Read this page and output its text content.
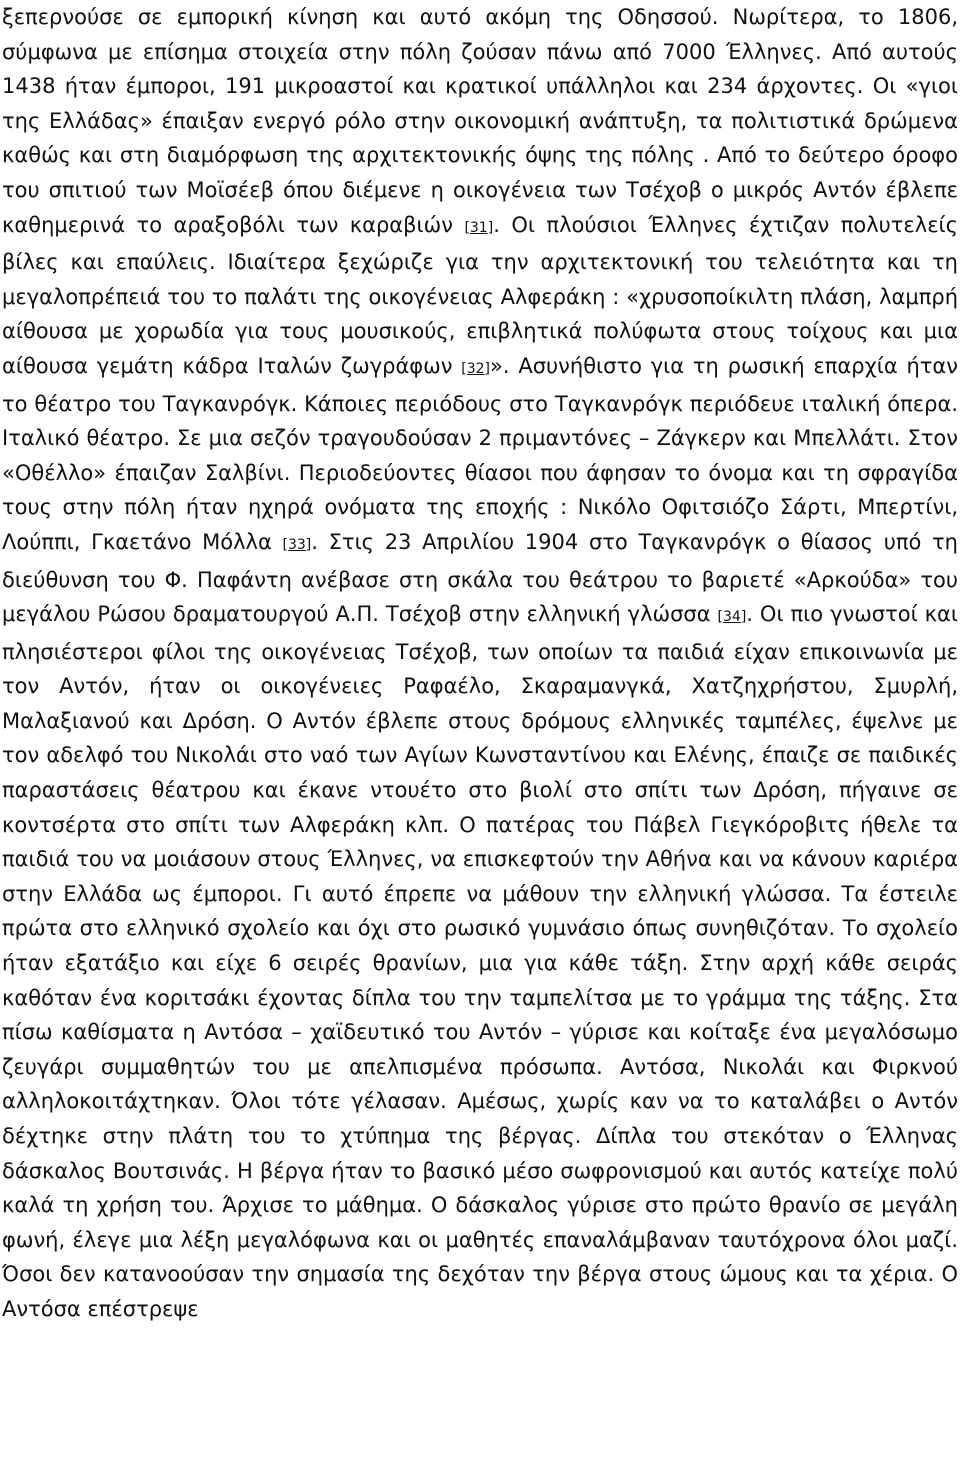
ξεπερνούσε σε εμπορική κίνηση και αυτό ακόμη της Οδησσού. Νωρίτερα, το 1806, σύμφωνα με επίσημα στοιχεία στην πόλη ζούσαν πάνω από 7000 Έλληνες. Από αυτούς 1438 ήταν έμποροι, 191 μικροαστοί και κρατικοί υπάλληλοι και 234 άρχοντες. Οι «γιοι της Ελλάδας» έπαιξαν ενεργό ρόλο στην οικονομική ανάπτυξη, τα πολιτιστικά δρώμενα καθώς και στη διαμόρφωση της αρχιτεκτονικής όψης της πόλης . Από το δεύτερο όροφο του σπιτιού των Μοϊσέεβ όπου διέμενε η οικογένεια των Τσέχοβ ο μικρός Αντόν έβλεπε καθημερινά το αραξοβόλι των καραβιών [31]. Οι πλούσιοι Έλληνες έχτιζαν πολυτελείς βίλες και επαύλεις. Ιδιαίτερα ξεχώριζε για την αρχιτεκτονική του τελειότητα και τη μεγαλοπρέπειά του το παλάτι της οικογένειας Αλφεράκη : «χρυσοποίκιλτη πλάση, λαμπρή αίθουσα με χορωδία για τους μουσικούς, επιβλητικά πολύφωτα στους τοίχους και μια αίθουσα γεμάτη κάδρα Ιταλών ζωγράφων [32]». Ασυνήθιστο για τη ρωσική επαρχία ήταν το θέατρο του Ταγκανρόγκ. Κάποιες περιόδους στο Ταγκανρόγκ περιόδευε ιταλική όπερα. Ιταλικό θέατρο. Σε μια σεζόν τραγουδούσαν 2 πριμαντόνες – Ζάγκερν και Μπελλάτι. Στον «Οθέλλο» έπαιζαν Σαλβίνι. Περιοδεύοντες θίασοι που άφησαν το όνομα και τη σφραγίδα τους στην πόλη ήταν ηχηρά ονόματα της εποχής : Νικόλο Οφιτσιόζο Σάρτι, Μπερτίνι, Λούππι, Γκαετάνο Μόλλα [33]. Στις 23 Απριλίου 1904 στο Ταγκανρόγκ ο θίασος υπό τη διεύθυνση του Φ. Παφάντη ανέβασε στη σκάλα του θεάτρου το βαριετέ «Αρκούδα» του μεγάλου Ρώσου δραματουργού Α.Π. Τσέχοβ στην ελληνική γλώσσα [34]. Οι πιο γνωστοί και πλησιέστεροι φίλοι της οικογένειας Τσέχοβ, των οποίων τα παιδιά είχαν επικοινωνία με τον Αντόν, ήταν οι οικογένειες Ραφαέλο, Σκαραμανγκά, Χατζηχρήστου, Σμυρλή, Μαλαξιανού και Δρόση. Ο Αντόν έβλεπε στους δρόμους ελληνικές ταμπέλες, έψελνε με τον αδελφό του Νικολάι στο ναό των Αγίων Κωνσταντίνου και Ελένης, έπαιζε σε παιδικές παραστάσεις θέατρου και έκανε ντουέτο στο βιολί στο σπίτι των Δρόση, πήγαινε σε κοντσέρτα στο σπίτι των Αλφεράκη κλπ. Ο πατέρας του Πάβελ Γιεγκόροβιτς ήθελε τα παιδιά του να μοιάσουν στους Έλληνες, να επισκεφτούν την Αθήνα και να κάνουν καριέρα στην Ελλάδα ως έμποροι. Γι αυτό έπρεπε να μάθουν την ελληνική γλώσσα. Τα έστειλε πρώτα στο ελληνικό σχολείο και όχι στο ρωσικό γυμνάσιο όπως συνηθιζόταν. Το σχολείο ήταν εξατάξιο και είχε 6 σειρές θρανίων, μια για κάθε τάξη. Στην αρχή κάθε σειράς καθόταν ένα κοριτσάκι έχοντας δίπλα του την ταμπελίτσα με το γράμμα της τάξης. Στα πίσω καθίσματα η Αντόσα – χαϊδευτικό του Αντόν – γύρισε και κοίταξε ένα μεγαλόσωμο ζευγάρι συμμαθητών του με απελπισμένα πρόσωπα. Αντόσα, Νικολάι και Φιρκνού αλληλοκοιτάχτηκαν. Όλοι τότε γέλασαν. Αμέσως, χωρίς καν να το καταλάβει ο Αντόν δέχτηκε στην πλάτη του το χτύπημα της βέργας. Δίπλα του στεκόταν ο Έλληνας δάσκαλος Βουτσινάς. Η βέργα ήταν το βασικό μέσο σωφρονισμού και αυτός κατείχε πολύ καλά τη χρήση του. Άρχισε το μάθημα. Ο δάσκαλος γύρισε στο πρώτο θρανίο σε μεγάλη φωνή, έλεγε μια λέξη μεγαλόφωνα και οι μαθητές επαναλάμβαναν ταυτόχρονα όλοι μαζί. Όσοι δεν κατανοούσαν την σημασία της δεχόταν την βέργα στους ώμους και τα χέρια. Ο Αντόσα επέστρεψε
